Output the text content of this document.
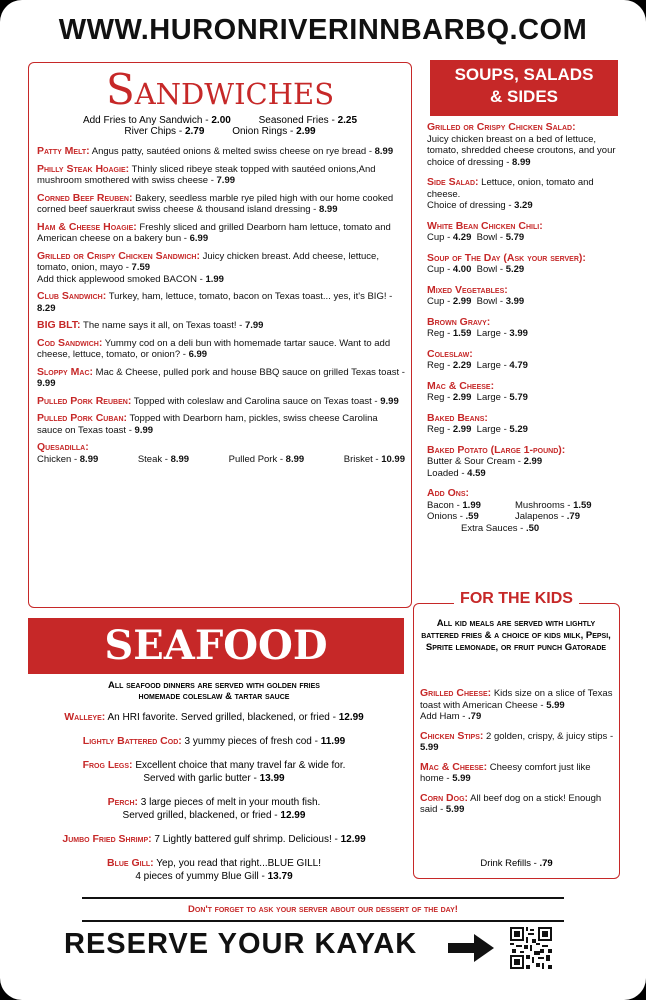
WWW.HURONRIVERINNBARBQ.COM
Sandwiches
Add Fries to Any Sandwich - 2.00	Seasoned Fries - 2.25
River Chips - 2.79	Onion Rings - 2.99
Patty Melt: Angus patty, sautéed onions & melted swiss cheese on rye bread - 8.99
Philly Steak Hoagie: Thinly sliced ribeye steak topped with sautéed onions,And mushroom smothered with swiss cheese - 7.99
Corned Beef Reuben: Bakery, seedless marble rye piled high with our home cooked corned beef sauerkraut swiss cheese & thousand island dressing - 8.99
Ham & Cheese Hoagie: Freshly sliced and grilled Dearborn ham lettuce, tomato and American cheese on a bakery bun - 6.99
Grilled or Crispy Chicken Sandwich: Juicy chicken breast. Add cheese, lettuce, tomato, onion, mayo - 7.59
Add thick applewood smoked BACON - 1.99
Club Sandwich: Turkey, ham, lettuce, tomato, bacon on Texas toast... yes, it's BIG! - 8.29
BIG BLT: The name says it all, on Texas toast! - 7.99
Cod Sandwich: Yummy cod on a deli bun with homemade tartar sauce. Want to add cheese, lettuce, tomato, or onion? - 6.99
Sloppy Mac: Mac & Cheese, pulled pork and house BBQ sauce on grilled Texas toast - 9.99
Pulled Pork Reuben: Topped with coleslaw and Carolina sauce on Texas toast - 9.99
Pulled Pork Cuban: Topped with Dearborn ham, pickles, swiss cheese Carolina sauce on Texas toast - 9.99
Quesadilla:
Chicken - 8.99	Steak - 8.99	Pulled Pork - 8.99	Brisket - 10.99
SOUPS, SALADS
& SIDES
Grilled or Crispy Chicken Salad:
Juicy chicken breast on a bed of lettuce, tomato, shredded cheese croutons, and your choice of dressing - 8.99
Side Salad: Lettuce, onion, tomato and cheese.
Choice of dressing - 3.29
White Bean Chicken Chili:
Cup - 4.29 Bowl - 5.79
Soup of The Day (Ask your server):
Cup - 4.00 Bowl - 5.29
Mixed Vegetables:
Cup - 2.99 Bowl - 3.99
Brown Gravy:
Reg - 1.59 Large - 3.99
Coleslaw:
Reg - 2.29 Large - 4.79
Mac & Cheese:
Reg - 2.99 Large - 5.79
Baked Beans:
Reg - 2.99 Large - 5.29
Baked Potato (Large 1-pound):
Butter & Sour Cream - 2.99
Loaded - 4.59
Add Ons:
Bacon - 1.99	Mushrooms - 1.59
Onions - .59	Jalapenos - .79
Extra Sauces - .50
FOR THE KIDS
All kid meals are served with lightly battered fries & a choice of kids milk, Pepsi, Sprite lemonade, or fruit punch Gatorade
Grilled Cheese: Kids size on a slice of Texas toast with American Cheese - 5.99
Add Ham - .79
Chicken Stips: 2 golden, crispy, & juicy stips - 5.99
Mac & Cheese: Cheesy comfort just like home - 5.99
Corn Dog: All beef dog on a stick! Enough said - 5.99
Drink Refills - .79
SEAFOOD
All seafood dinners are served with golden fries
homemade coleslaw & tartar sauce
Walleye: An HRI favorite. Served grilled, blackened, or fried - 12.99
Lightly Battered Cod: 3 yummy pieces of fresh cod - 11.99
Frog Legs: Excellent choice that many travel far & wide for.
Served with garlic butter - 13.99
Perch: 3 large pieces of melt in your mouth fish.
Served grilled, blackened, or fried - 12.99
Jumbo Fried Shrimp: 7 Lightly battered gulf shrimp. Delicious! - 12.99
Blue Gill: Yep, you read that right...BLUE GILL!
4 pieces of yummy Blue Gill - 13.79
Don't forget to ask your server about our dessert of the day!
RESERVE YOUR KAYAK
